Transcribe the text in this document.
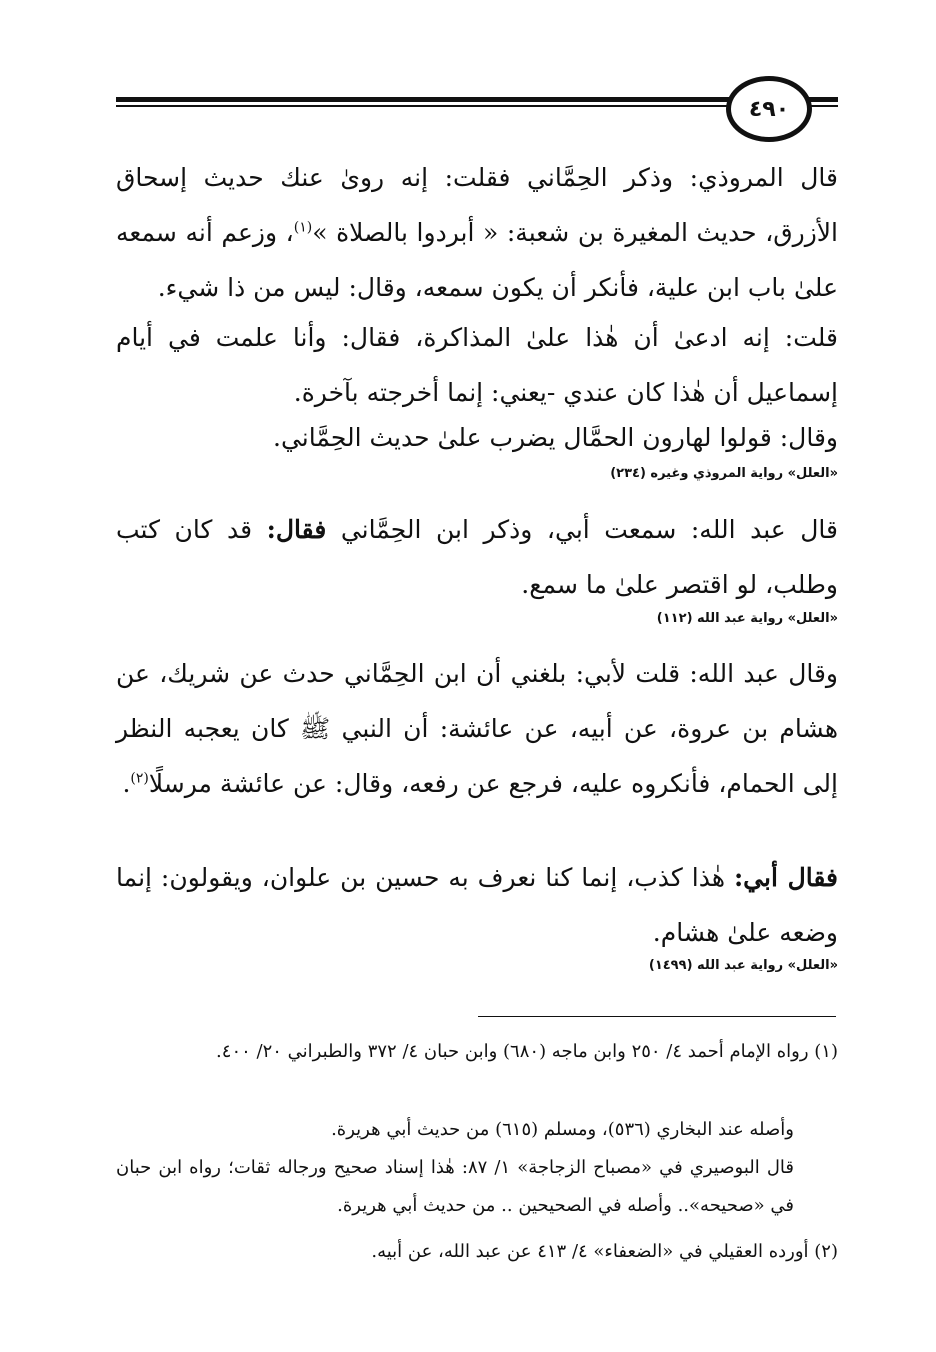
٤٩٠
قال المروذي: وذكر الحِمَّاني فقلت: إنه روىٰ عنك حديث إسحاق الأزرق، حديث المغيرة بن شعبة: « أبردوا بالصلاة »$^{(١)}$، وزعم أنه سمعه علىٰ باب ابن علية، فأنكر أن يكون سمعه، وقال: ليس من ذا شيء.
قلت: إنه ادعىٰ أن هٰذا علىٰ المذاكرة، فقال: وأنا علمت في أيام إسماعيل أن هٰذا كان عندي -يعني: إنما أخرجته بآخرة.
وقال: قولوا لهارون الحمَّال يضرب علىٰ حديث الحِمَّاني.
«العلل» رواية المروذي وغيره (٢٣٤)
قال عبد الله: سمعت أبي، وذكر ابن الحِمَّاني فقال: قد كان كتب وطلب، لو اقتصر علىٰ ما سمع.
«العلل» رواية عبد الله (١١٢)
وقال عبد الله: قلت لأبي: بلغني أن ابن الحِمَّاني حدث عن شريك، عن هشام بن عروة، عن أبيه، عن عائشة: أن النبي ﷺ كان يعجبه النظر إلى الحمام، فأنكروه عليه، فرجع عن رفعه، وقال: عن عائشة مرسلًا$^{(٢)}$.
فقال أبي: هٰذا كذب، إنما كنا نعرف به حسين بن علوان، ويقولون: إنما وضعه علىٰ هشام.
«العلل» رواية عبد الله (١٤٩٩)
(١) رواه الإمام أحمد ٤/ ٢٥٠ وابن ماجه (٦٨٠) وابن حبان ٤/ ٣٧٢ والطبراني ٢٠/ ٤٠٠.
وأصله عند البخاري (٥٣٦)، ومسلم (٦١٥) من حديث أبي هريرة.
قال البوصيري في «مصباح الزجاجة» ١/ ٨٧: هٰذا إسناد صحيح ورجاله ثقات؛ رواه ابن حبان في «صحيحه».. وأصله في الصحيحين .. من حديث أبي هريرة.
(٢) أورده العقيلي في «الضعفاء» ٤/ ٤١٣ عن عبد الله، عن أبيه.
